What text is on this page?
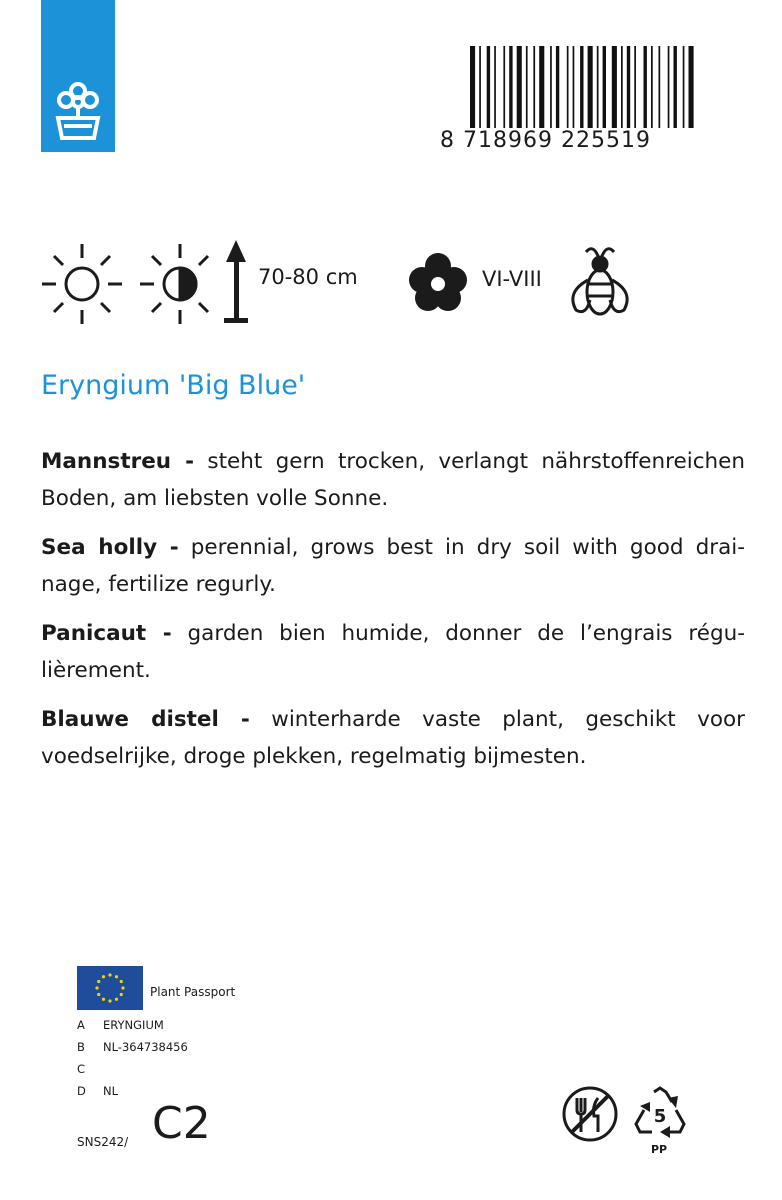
8 718969 225519
70-80 cm	VI-VIII
Eryngium 'Big Blue'
Mannstreu - steht gern trocken, verlangt nährstoffenreichen Boden, am liebsten volle Sonne.
Sea holly - perennial, grows best in dry soil with good drai-nage, fertilize regurly.
Panicaut - garden bien humide, donner de l’engrais régu-lièrement.
Blauwe distel - winterharde vaste plant, geschikt voor voedselrijke, droge plekken, regelmatig bijmesten.
Plant Passport
A ERYNGIUM
B NL-364738456
C
D NL
SNS242/ C2	5
PP
